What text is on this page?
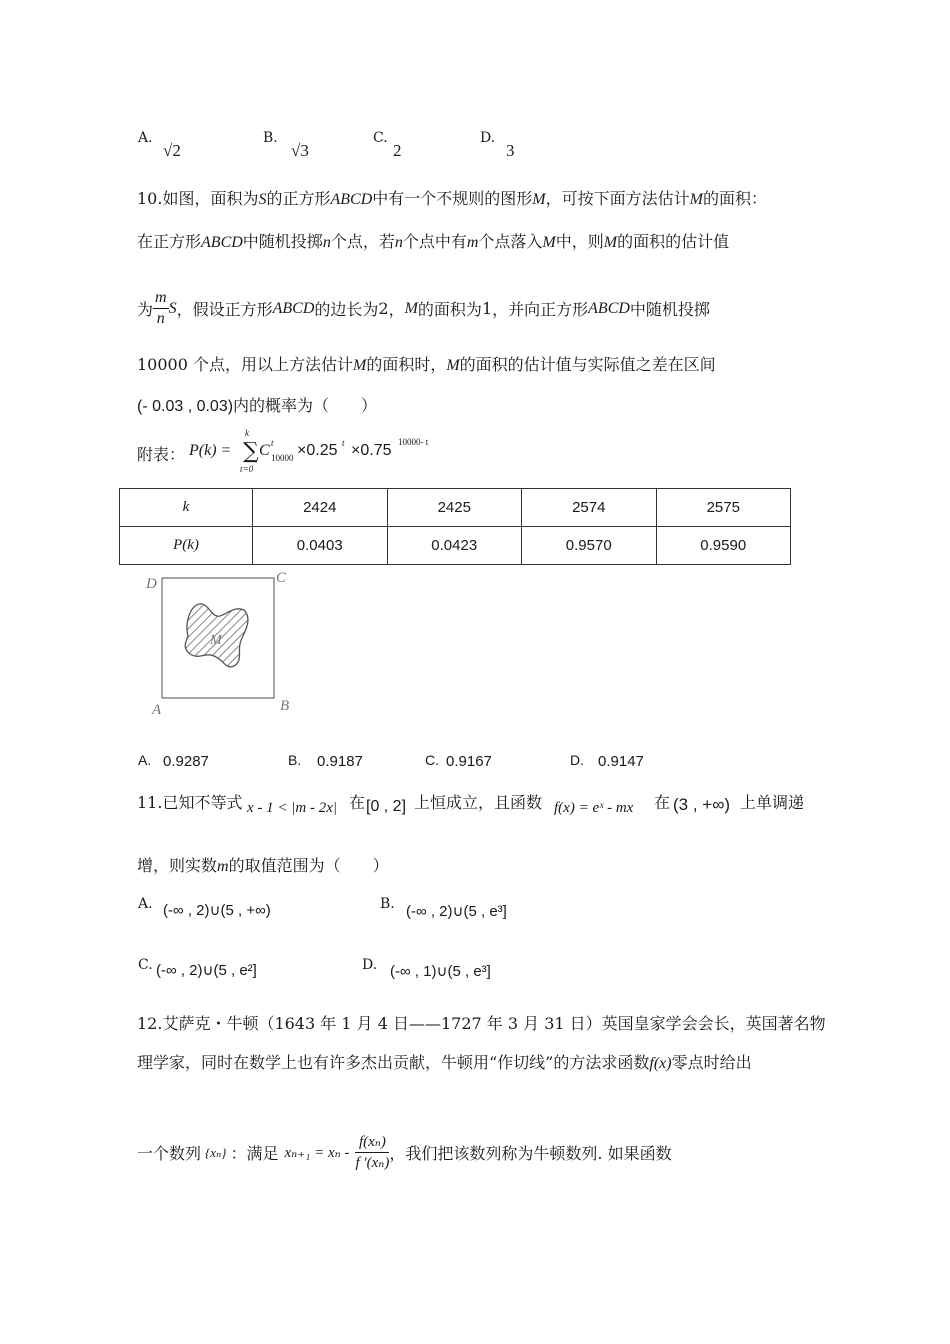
A.
√2
B.
√3
C.
2
D.
3
10.如图，面积为S的正方形ABCD中有一个不规则的图形M，可按下面方法估计M的面积：
在正方形ABCD中随机投掷n个点，若n个点中有m个点落入M中，则M的面积的估计值
为 $\frac{m}{n}$ S ，假设正方形 ABCD 的边长为 2 ， M 的面积为 1 ，并向正方形 ABCD 中随机投掷
10000 个点，用以上方法估计M的面积时，M的面积的估计值与实际值之差在区间
(- 0.03 , 0.03)内的概率为（　　）
附表： P(k) = ∑
k
t=0
C t
10000 ×0.25 t ×0.75 10000- t
k	2424	2425	2574	2575
P(k)	0.0403	0.0423	0.9570	0.9590
M
D	C
A	B
A. 0.9287	B. 0.9187	C. 0.9167	D. 0.9147
11.已知不等式 x - 1 < |m - 2x| 在 [0 , 2] 上恒成立，且函数 f(x) = eˣ - mx 在 (3 , +∞) 上单调递
增，则实数m的取值范围为（　　）
A. (-∞ , 2)∪(5 , +∞)	B. (-∞ , 2)∪(5 , e³]
C. (-∞ , 2)∪(5 , e²]	D. (-∞ , 1)∪(5 , e³]
12.艾萨克・牛顿（1643 年 1 月 4 日——1727 年 3 月 31 日）英国皇家学会会长，英国著名物
理学家，同时在数学上也有许多杰出贡献，牛顿用“作切线”的方法求函数f(x)零点时给出
一个数列 {xₙ} ：满足 $x_{n+1} = x_n - \frac{\text{f(xₙ)}}{\text{f ′(xₙ)}}$ ，我们把该数列称为牛顿数列. 如果函数
